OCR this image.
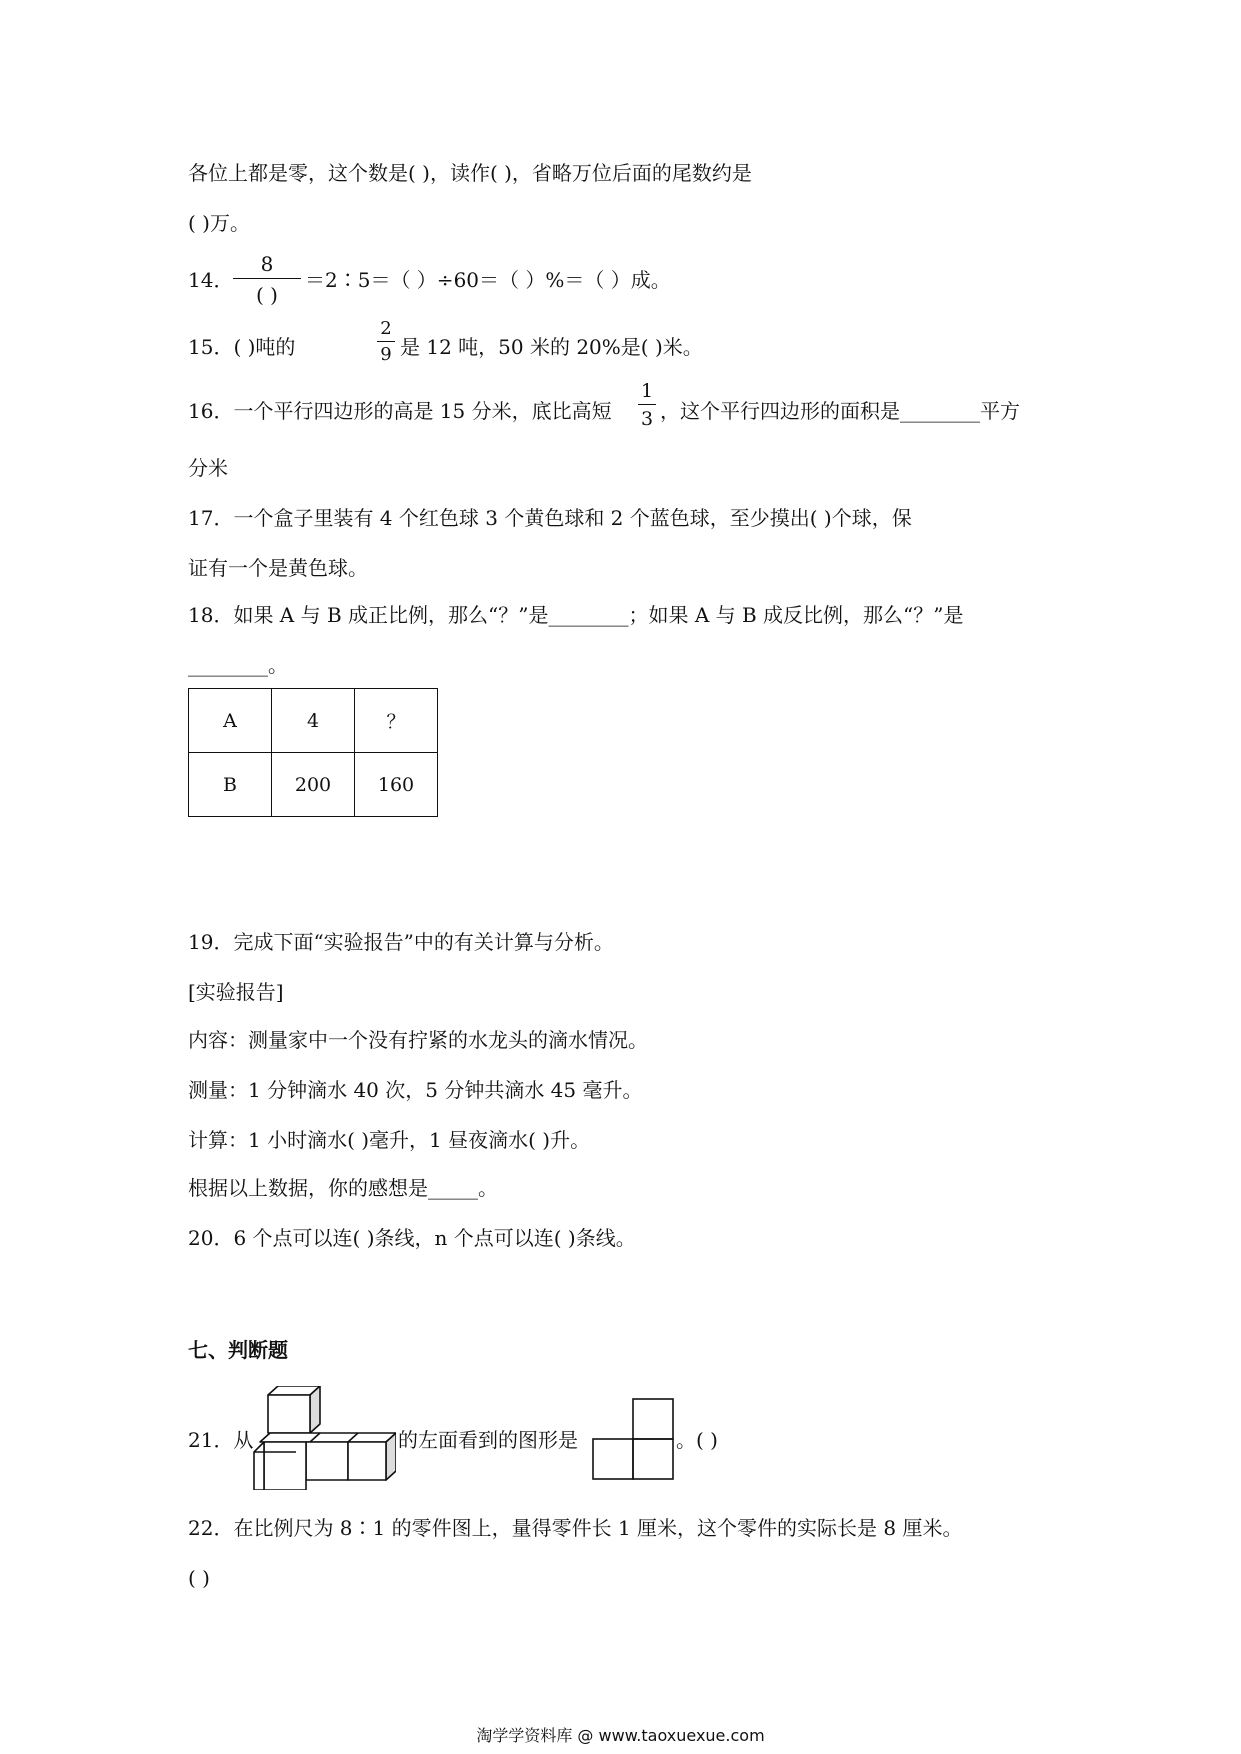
各位上都是零，这个数是( )，读作( )，省略万位后面的尾数约是
( )万。
14．
8
( )
＝2∶5＝（ ）÷60＝（ ）%＝（ ）成。
15．( )吨的
2
9 是 12 吨，50 米的 20%是( )米。
16．一个平行四边形的高是 15 分米，底比高短
1
3 ，这个平行四边形的面积是________平方
分米
17．一个盒子里装有 4 个红色球 3 个黄色球和 2 个蓝色球，至少摸出( )个球，保
证有一个是黄色球。
18．如果 A 与 B 成正比例，那么“？”是________；如果 A 与 B 成反比例，那么“？”是
________。
A	4	？
B	200	160
19．完成下面“实验报告”中的有关计算与分析。
[实验报告]
内容：测量家中一个没有拧紧的水龙头的滴水情况。
测量：1 分钟滴水 40 次，5 分钟共滴水 45 毫升。
计算：1 小时滴水( )毫升，1 昼夜滴水( )升。
根据以上数据，你的感想是_____。
20．6 个点可以连( )条线，n 个点可以连( )条线。
七、判断题
21．从	的左面看到的图形是	。( )
22．在比例尺为 8∶1 的零件图上，量得零件长 1 厘米，这个零件的实际长是 8 厘米。
( )
淘学学资料库 @ www.taoxuexue.com
